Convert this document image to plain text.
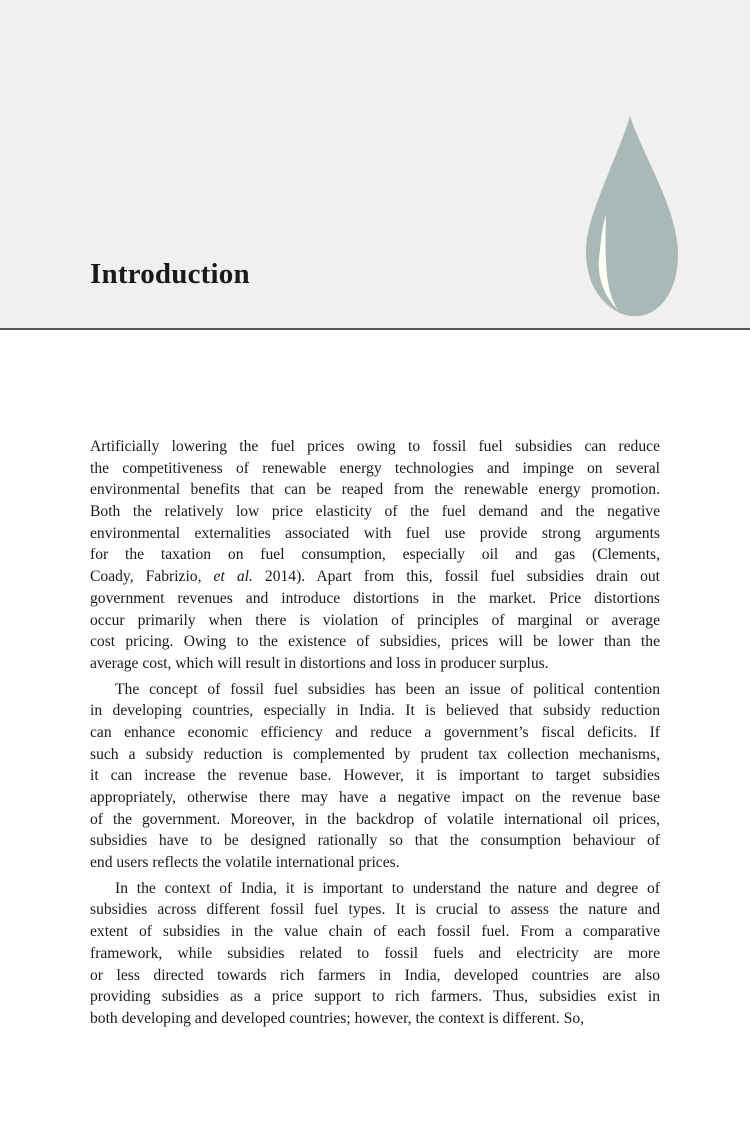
Introduction
Artificially lowering the fuel prices owing to fossil fuel subsidies can reduce
the competitiveness of renewable energy technologies and impinge on several
environmental benefits that can be reaped from the renewable energy promotion.
Both the relatively low price elasticity of the fuel demand and the negative
environmental externalities associated with fuel use provide strong arguments
for the taxation on fuel consumption, especially oil and gas (Clements,
Coady, Fabrizio, et al. 2014). Apart from this, fossil fuel subsidies drain out
government revenues and introduce distortions in the market. Price distortions
occur primarily when there is violation of principles of marginal or average
cost pricing. Owing to the existence of subsidies, prices will be lower than the
average cost, which will result in distortions and loss in producer surplus.
The concept of fossil fuel subsidies has been an issue of political contention
in developing countries, especially in India. It is believed that subsidy reduction
can enhance economic efficiency and reduce a government’s fiscal deficits. If
such a subsidy reduction is complemented by prudent tax collection mechanisms,
it can increase the revenue base. However, it is important to target subsidies
appropriately, otherwise there may have a negative impact on the revenue base
of the government. Moreover, in the backdrop of volatile international oil prices,
subsidies have to be designed rationally so that the consumption behaviour of
end users reflects the volatile international prices.
In the context of India, it is important to understand the nature and degree of
subsidies across different fossil fuel types. It is crucial to assess the nature and
extent of subsidies in the value chain of each fossil fuel. From a comparative
framework, while subsidies related to fossil fuels and electricity are more
or less directed towards rich farmers in India, developed countries are also
providing subsidies as a price support to rich farmers. Thus, subsidies exist in
both developing and developed countries; however, the context is different. So,
